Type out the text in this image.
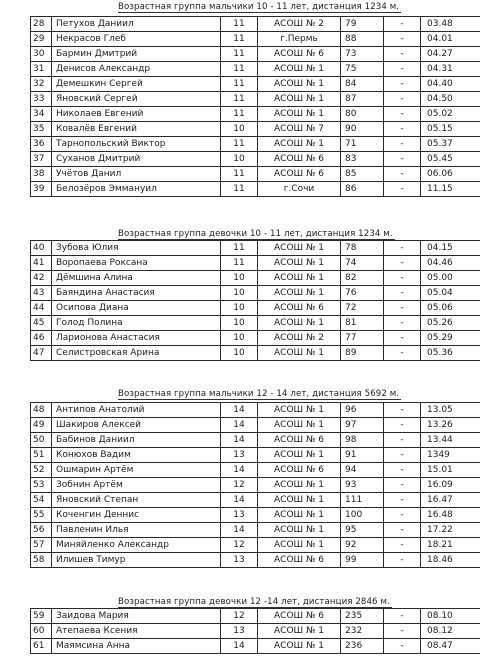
Возрастная группа мальчики 10 - 11 лет, дистанция 1234 м.
28	Петухов Даниил	11	АСОШ № 2	79	-	03.48	
29	Некрасов Глеб	11	г.Пермь	88	-	04.01	
30	Бармин Дмитрий	11	АСОШ № 6	73	-	04.27	
31	Денисов Александр	11	АСОШ № 1	75	-	04.31	
32	Демешкин Сергей	11	АСОШ № 1	84	-	04.40	
33	Яновский Сергей	11	АСОШ № 1	87	-	04.50	
34	Николаев Евгений	11	АСОШ № 1	80	-	05.02	
35	Ковалёв Евгений	10	АСОШ № 7	90	-	05.15	
36	Тарнопольский Виктор	11	АСОШ № 1	71	-	05.37	
37	Суханов Дмитрий	10	АСОШ № 6	83	-	05.45	
38	Учётов Данил	11	АСОШ № 6	85	-	06.06	
39	Белозёров Эммануил	11	г.Сочи	86	-	11.15	
Возрастная группа девочки 10 - 11 лет, дистанция 1234 м.
40	Зубова Юлия	11	АСОШ № 1	78	-	04.15	
41	Воропаева Роксана	11	АСОШ № 1	74	-	04.46	
42	Дёмшина Алина	10	АСОШ № 1	82	-	05.00	
43	Баяндина Анастасия	10	АСОШ № 1	76	-	05.04	
44	Осипова Диана	10	АСОШ № 6	72	-	05.06	
45	Голод Полина	10	АСОШ № 1	81	-	05.26	
46	Ларионова Анастасия	10	АСОШ № 2	77	-	05.29	
47	Селистровская Арина	10	АСОШ № 1	89	-	05.36	
Возрастная группа мальчики 12 - 14 лет, дистанция 5692 м.
48	Антипов Анатолий	14	АСОШ № 1	96	-	13.05	
49	Шакиров Алексей	14	АСОШ № 1	97	-	13.26	
50	Бабинов Даниил	14	АСОШ № 6	98	-	13.44	
51	Конюхов Вадим	13	АСОШ № 1	91	-	1349	
52	Ошмарин Артём	14	АСОШ № 6	94	-	15.01	
53	Зобнин Артём	12	АСОШ № 1	93	-	16.09	
54	Яновский Степан	14	АСОШ № 1	111	-	16.47	
55	Коченгин Деннис	13	АСОШ № 1	100	-	16.48	
56	Павленин Илья	14	АСОШ № 1	95	-	17.22	
57	Миняйленко Александр	12	АСОШ № 1	92	-	18.21	
58	Илишев Тимур	13	АСОШ № 6	99	-	18.46	
Возрастная группа девочки 12 -14 лет, дистанция 2846 м.
59	Заидова Мария	12	АСОШ № 6	235	-	08.10	
60	Атепаева Ксения	13	АСОШ № 1	232	-	08.12	
61	Маямсина Анна	14	АСОШ № 1	236	-	08.47	
